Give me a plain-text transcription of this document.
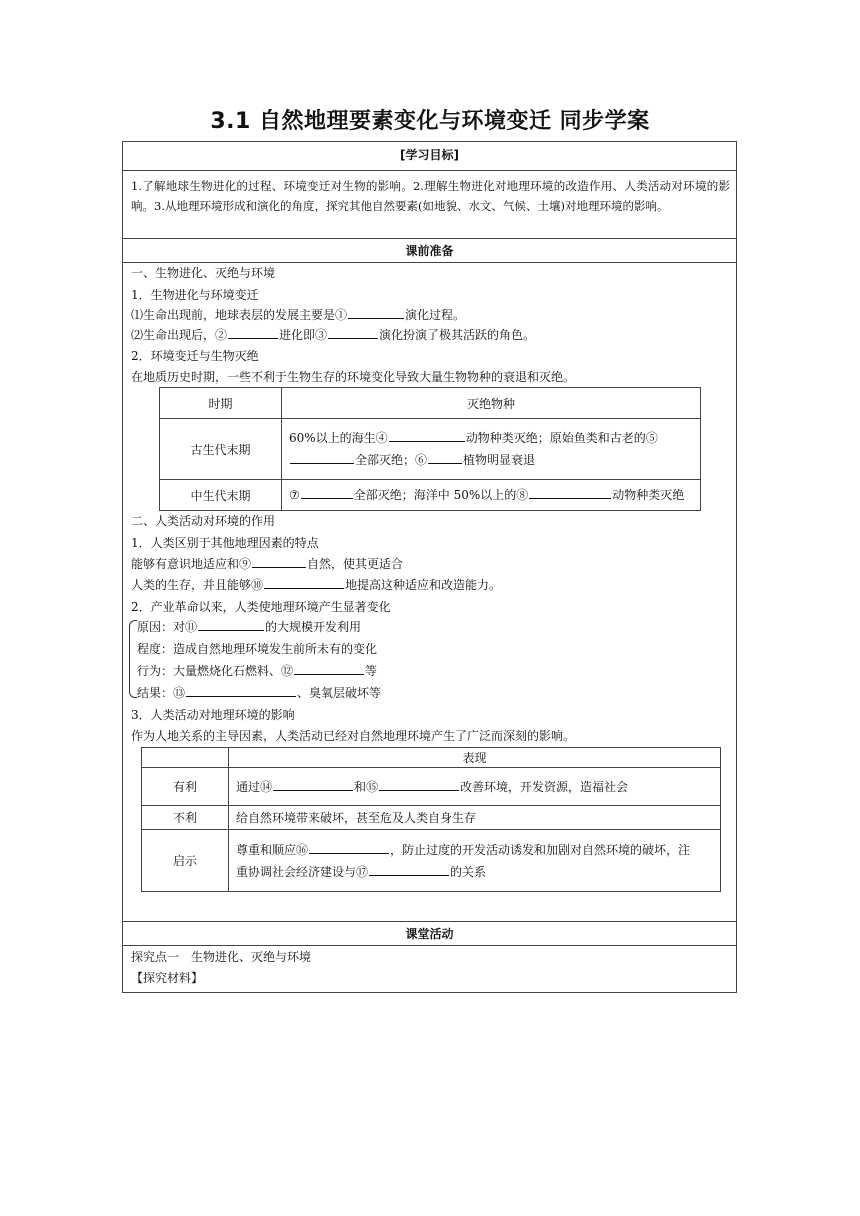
3.1 自然地理要素变化与环境变迁 同步学案
[学习目标]
1.了解地球生物进化的过程、环境变迁对生物的影响。2.理解生物进化对地理环境的改造作用、人类活动对环境的影响。3.从地理环境形成和演化的角度，探究其他自然要素(如地貌、水文、气候、土壤)对地理环境的影响。
课前准备
一、生物进化、灭绝与环境
1．生物进化与环境变迁
⑴生命出现前，地球表层的发展主要是①	演化过程。
⑵生命出现后，②	进化即③	演化扮演了极其活跃的角色。
2．环境变迁与生物灭绝
在地质历史时期，一些不利于生物生存的环境变化导致大量生物物种的衰退和灭绝。
时期	灭绝物种
古生代末期	60%以上的海生④ 动物种类灭绝；原始鱼类和古老的⑤
全部灭绝；⑥ 植物明显衰退
中生代末期	⑦ 全部灭绝；海洋中 50%以上的⑧ 动物种类灭绝
二、人类活动对环境的作用
1．人类区别于其他地理因素的特点
能够有意识地适应和⑨	自然，使其更适合
人类的生存，并且能够⑩	地提高这种适应和改造能力。
2．产业革命以来，人类使地理环境产生显著变化
原因：对⑪	的大规模开发利用
程度：造成自然地理环境发生前所未有的变化
行为：大量燃烧化石燃料、⑫	等
结果：⑬	、臭氧层破坏等
3．人类活动对地理环境的影响
作为人地关系的主导因素，人类活动已经对自然地理环境产生了广泛而深刻的影响。
	表现
有利	通过⑭ 和⑮ 改善环境，开发资源，造福社会
不利	给自然环境带来破坏，甚至危及人类自身生存
启示	尊重和顺应⑯ ，防止过度的开发活动诱发和加剧对自然环境的破坏，注
重协调社会经济建设与⑰ 的关系
课堂活动
探究点一　生物进化、灭绝与环境
【探究材料】
